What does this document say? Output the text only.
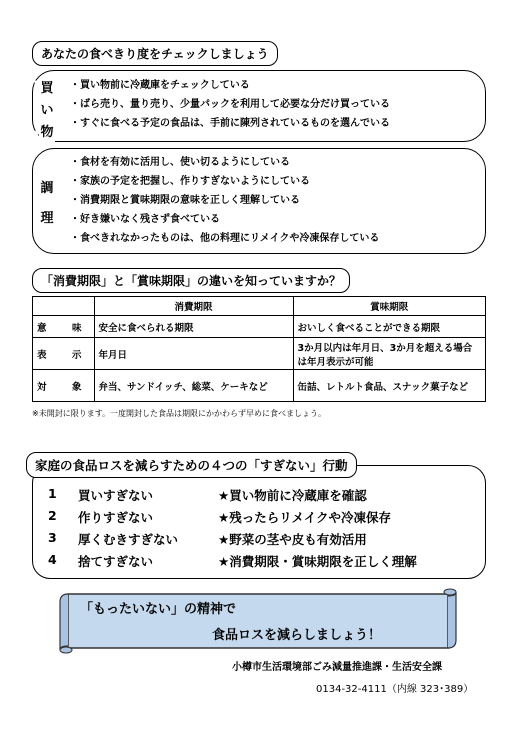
あなたの食べきり度をチェックしましょう
買
い
物
・買い物前に冷蔵庫をチェックしている
・ばら売り、量り売り、少量パックを利用して必要な分だけ買っている
・すぐに食べる予定の食品は、手前に陳列されているものを選んでいる
調
理
・食材を有効に活用し、使い切るようにしている
・家族の予定を把握し、作りすぎないようにしている
・消費期限と賞味期限の意味を正しく理解している
・好き嫌いなく残さず食べている
・食べきれなかったものは、他の料理にリメイクや冷凍保存している
「消費期限」と「賞味期限」の違いを知っていますか？
	消費期限	賞味期限
意　味	安全に食べられる期限	おいしく食べることができる期限
表　示	年月日	3か月以内は年月日、3か月を超える場合は年月表示が可能
対　象	弁当、サンドイッチ、総菜、ケーキなど	缶詰、レトルト食品、スナック菓子など
※未開封に限ります。一度開封した食品は期限にかかわらず早めに食べましょう。
家庭の食品ロスを減らすための４つの「すぎない」行動
1 買いすぎない	★買い物前に冷蔵庫を確認
2 作りすぎない	★残ったらリメイクや冷凍保存
3 厚くむきすぎない	★野菜の茎や皮も有効活用
4 捨てすぎない	★消費期限・賞味期限を正しく理解
「もったいない」の精神で
食品ロスを減らしましょう！
小樽市生活環境部ごみ減量推進課・生活安全課
0134-32-4111（内線 323･389）
